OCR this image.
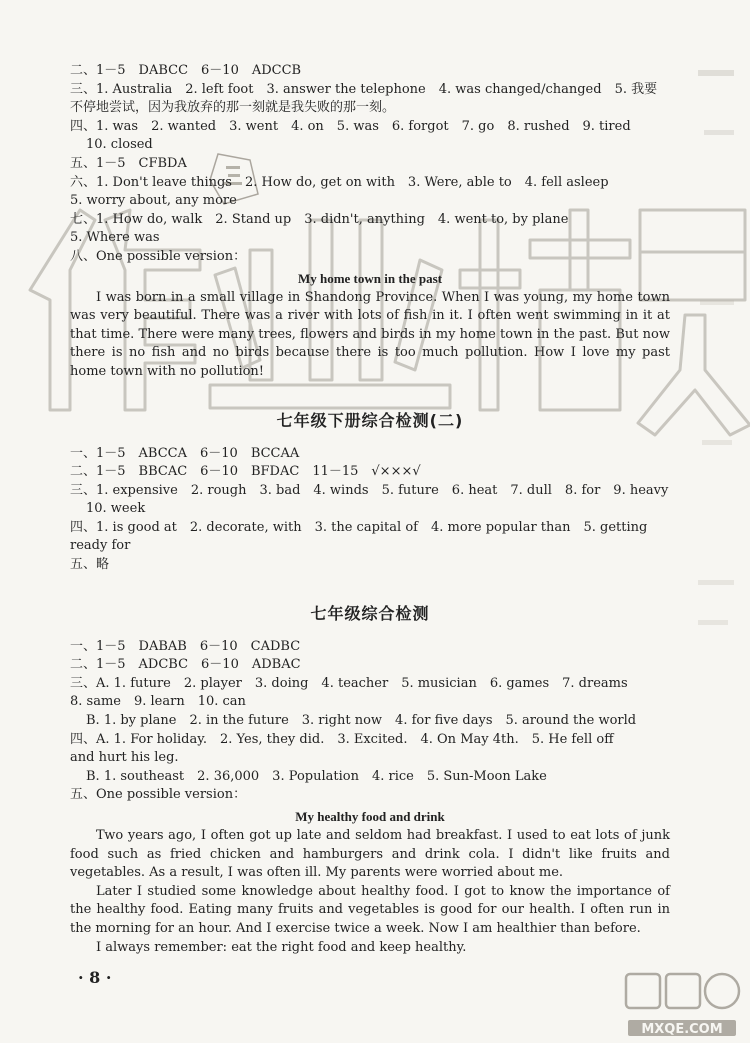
二、1－5　DABCC　6－10　ADCCB
三、1. Australia　2. left foot　3. answer the telephone　4. was changed/changed　5. 我要
不停地尝试，因为我放弃的那一刻就是我失败的那一刻。
四、1. was　2. wanted　3. went　4. on　5. was　6. forgot　7. go　8. rushed　9. tired
10. closed
五、1－5　CFBDA
六、1. Don't leave things　2. How do, get on with　3. Were, able to　4. fell asleep
5. worry about, any more
七、1. How do, walk　2. Stand up　3. didn't, anything　4. went to, by plane
5. Where was
八、One possible version：
My home town in the past
I was born in a small village in Shandong Province. When I was young, my home town was very beautiful. There was a river with lots of fish in it. I often went swimming in it at that time. There were many trees, flowers and birds in my home town in the past. But now there is no fish and no birds because there is too much pollution. How I love my past home town with no pollution!
七年级下册综合检测(二)
一、1－5　ABCCA　6－10　BCCAA
二、1－5　BBCAC　6－10　BFDAC　11－15　√×××√
三、1. expensive　2. rough　3. bad　4. winds　5. future　6. heat　7. dull　8. for　9. heavy
10. week
四、1. is good at　2. decorate, with　3. the capital of　4. more popular than　5. getting
ready for
五、略
七年级综合检测
一、1－5　DABAB　6－10　CADBC
二、1－5　ADCBC　6－10　ADBAC
三、A. 1. future　2. player　3. doing　4. teacher　5. musician　6. games　7. dreams
8. same　9. learn　10. can
B. 1. by plane　2. in the future　3. right now　4. for five days　5. around the world
四、A. 1. For holiday.　2. Yes, they did.　3. Excited.　4. On May 4th.　5. He fell off
and hurt his leg.
B. 1. southeast　2. 36,000　3. Population　4. rice　5. Sun-Moon Lake
五、One possible version：
My healthy food and drink
Two years ago, I often got up late and seldom had breakfast. I used to eat lots of junk food such as fried chicken and hamburgers and drink cola. I didn't like fruits and vegetables. As a result, I was often ill. My parents were worried about me.
Later I studied some knowledge about healthy food. I got to know the importance of the healthy food. Eating many fruits and vegetables is good for our health. I often run in the morning for an hour. And I exercise twice a week. Now I am healthier than before.
I always remember: eat the right food and keep healthy.
· 8 ·
MXQE.COM
